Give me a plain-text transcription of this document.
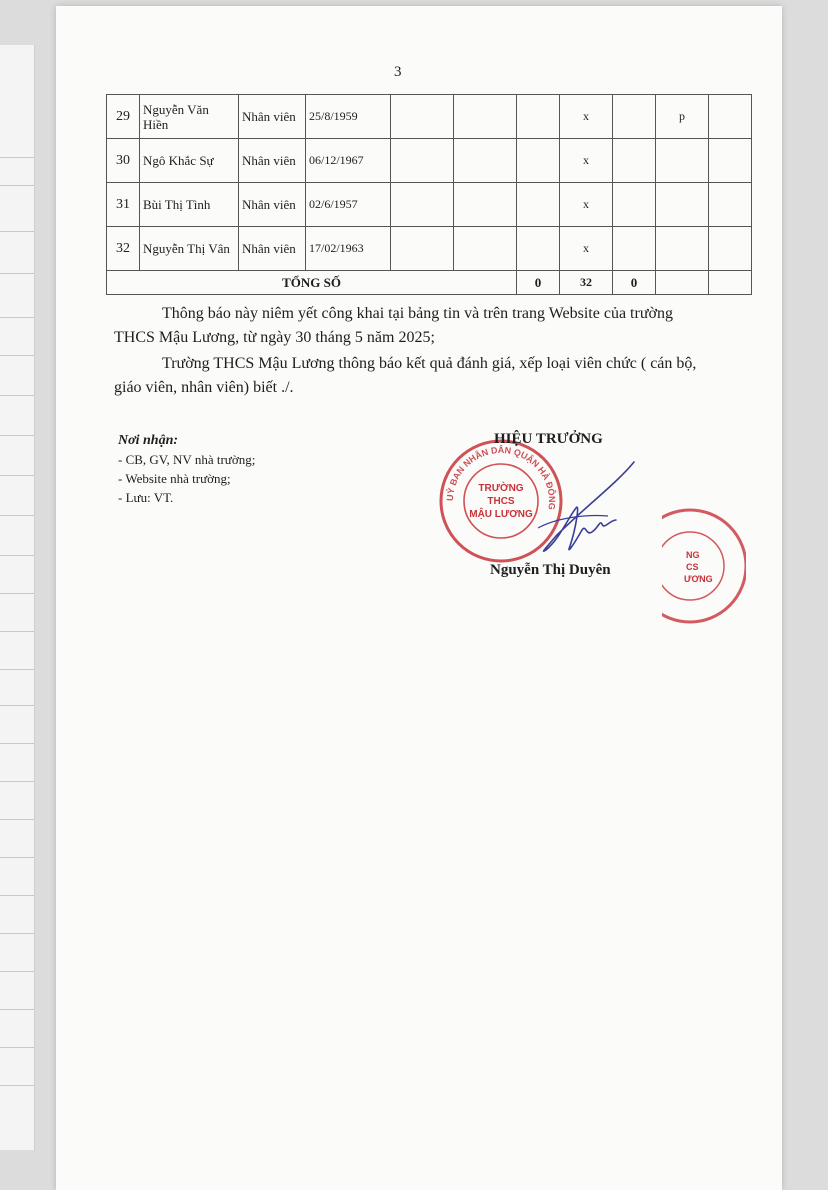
3
29	Nguyễn Văn Hiền	Nhân viên	25/8/1959				x		p	
30	Ngô Khắc Sự	Nhân viên	06/12/1967				x			
31	Bùi Thị Tình	Nhân viên	02/6/1957				x			
32	Nguyễn Thị Vân	Nhân viên	17/02/1963				x			
TỔNG SỐ						0	32	0		
Thông báo này niêm yết công khai tại bảng tin và trên trang Website của trường THCS Mậu Lương, từ ngày 30 tháng 5 năm 2025;
Trường THCS Mậu Lương thông báo kết quả đánh giá, xếp loại viên chức ( cán bộ, giáo viên, nhân viên) biết ./.
Nơi nhận:
- CB, GV, NV nhà trường;
- Website nhà trường;
- Lưu: VT.	UỶ BAN NHÂN DÂN QUẬN HÀ ĐÔNG
TRƯỜNG
THCS
MẬU LƯƠNG
HIỆU TRƯỞNG
Nguyễn Thị Duyên
NG
CS
ƯƠNG
